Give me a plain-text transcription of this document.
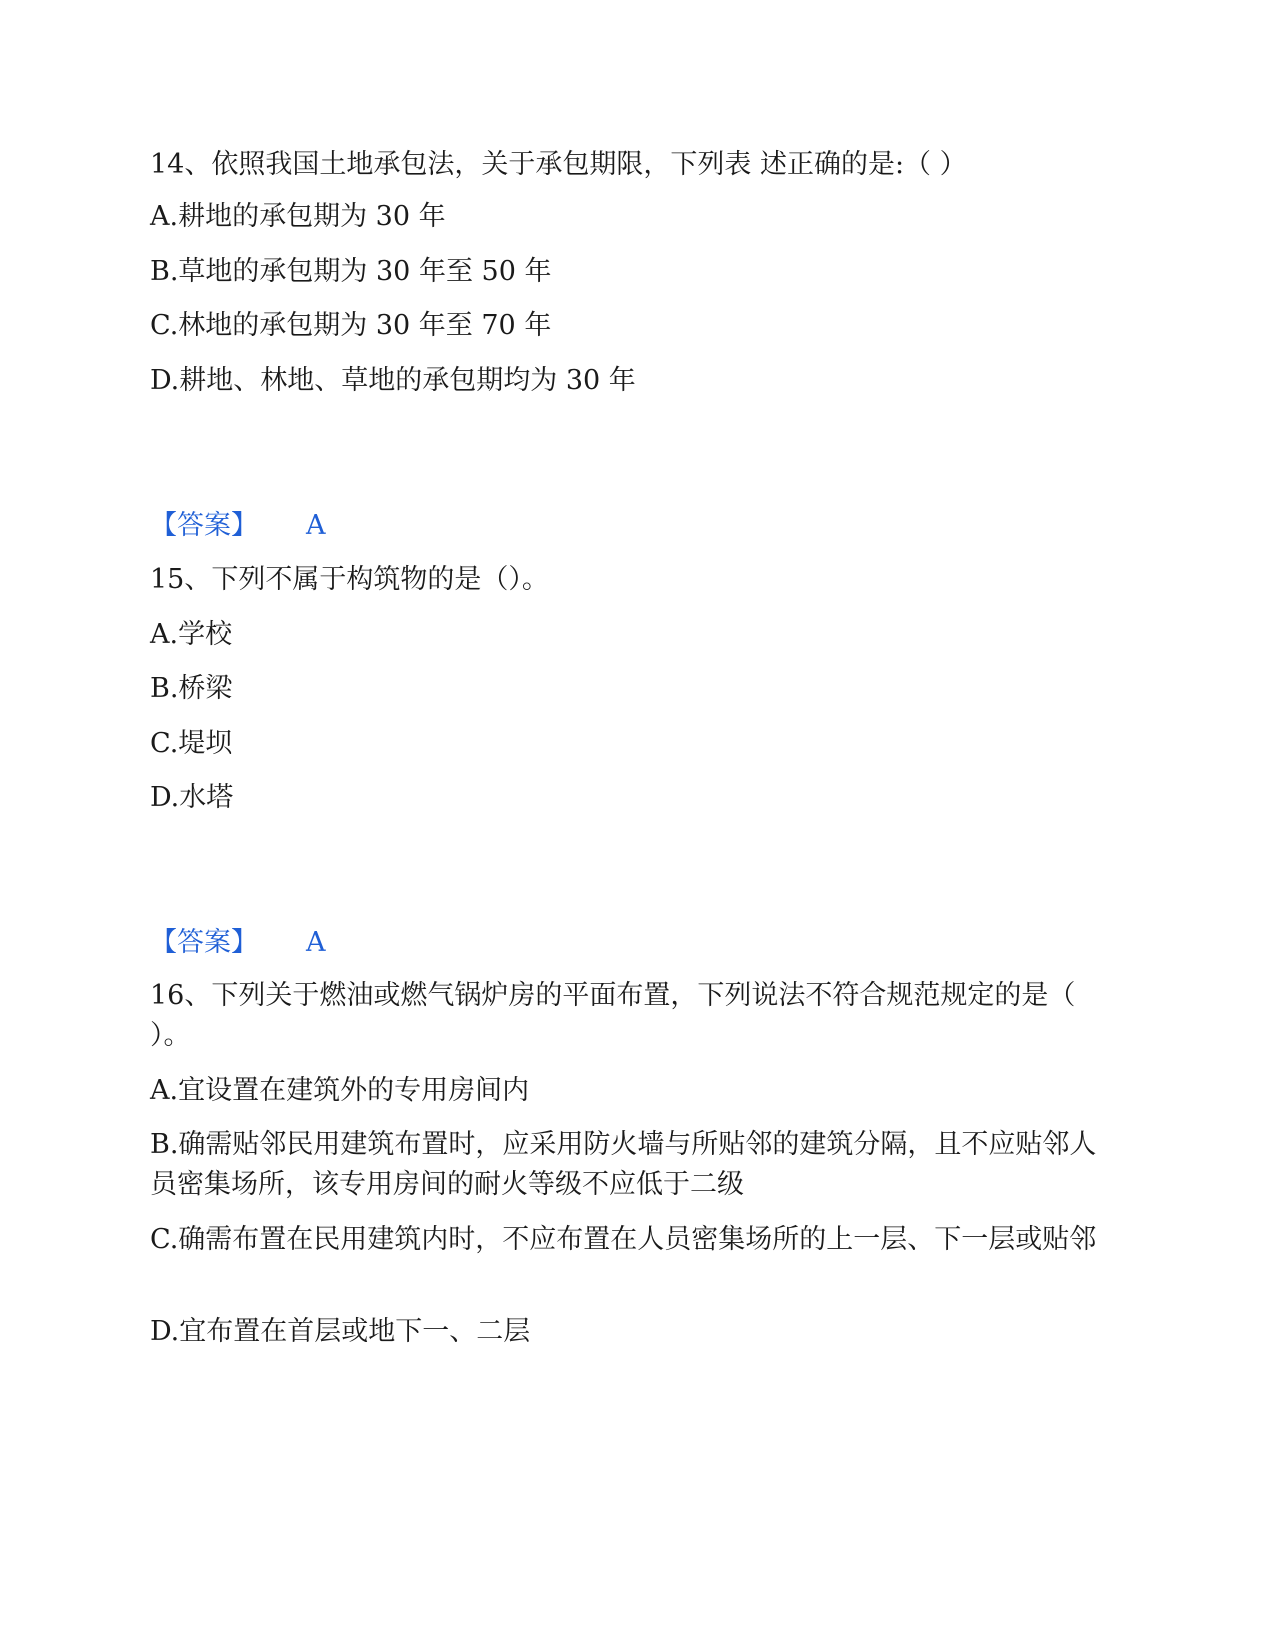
14、依照我国土地承包法，关于承包期限，下列表 述正确的是:（ ）
A.耕地的承包期为 30 年
B.草地的承包期为 30 年至 50 年
C.林地的承包期为 30 年至 70 年
D.耕地、林地、草地的承包期均为 30 年
【答案】 A
15、下列不属于构筑物的是（）。
A.学校
B.桥梁
C.堤坝
D.水塔
【答案】 A
16、下列关于燃油或燃气锅炉房的平面布置，下列说法不符合规范规定的是（ ）。
A.宜设置在建筑外的专用房间内
B.确需贴邻民用建筑布置时，应采用防火墙与所贴邻的建筑分隔，且不应贴邻人员密集场所，该专用房间的耐火等级不应低于二级
C.确需布置在民用建筑内时，不应布置在人员密集场所的上一层、下一层或贴邻
D.宜布置在首层或地下一、二层
